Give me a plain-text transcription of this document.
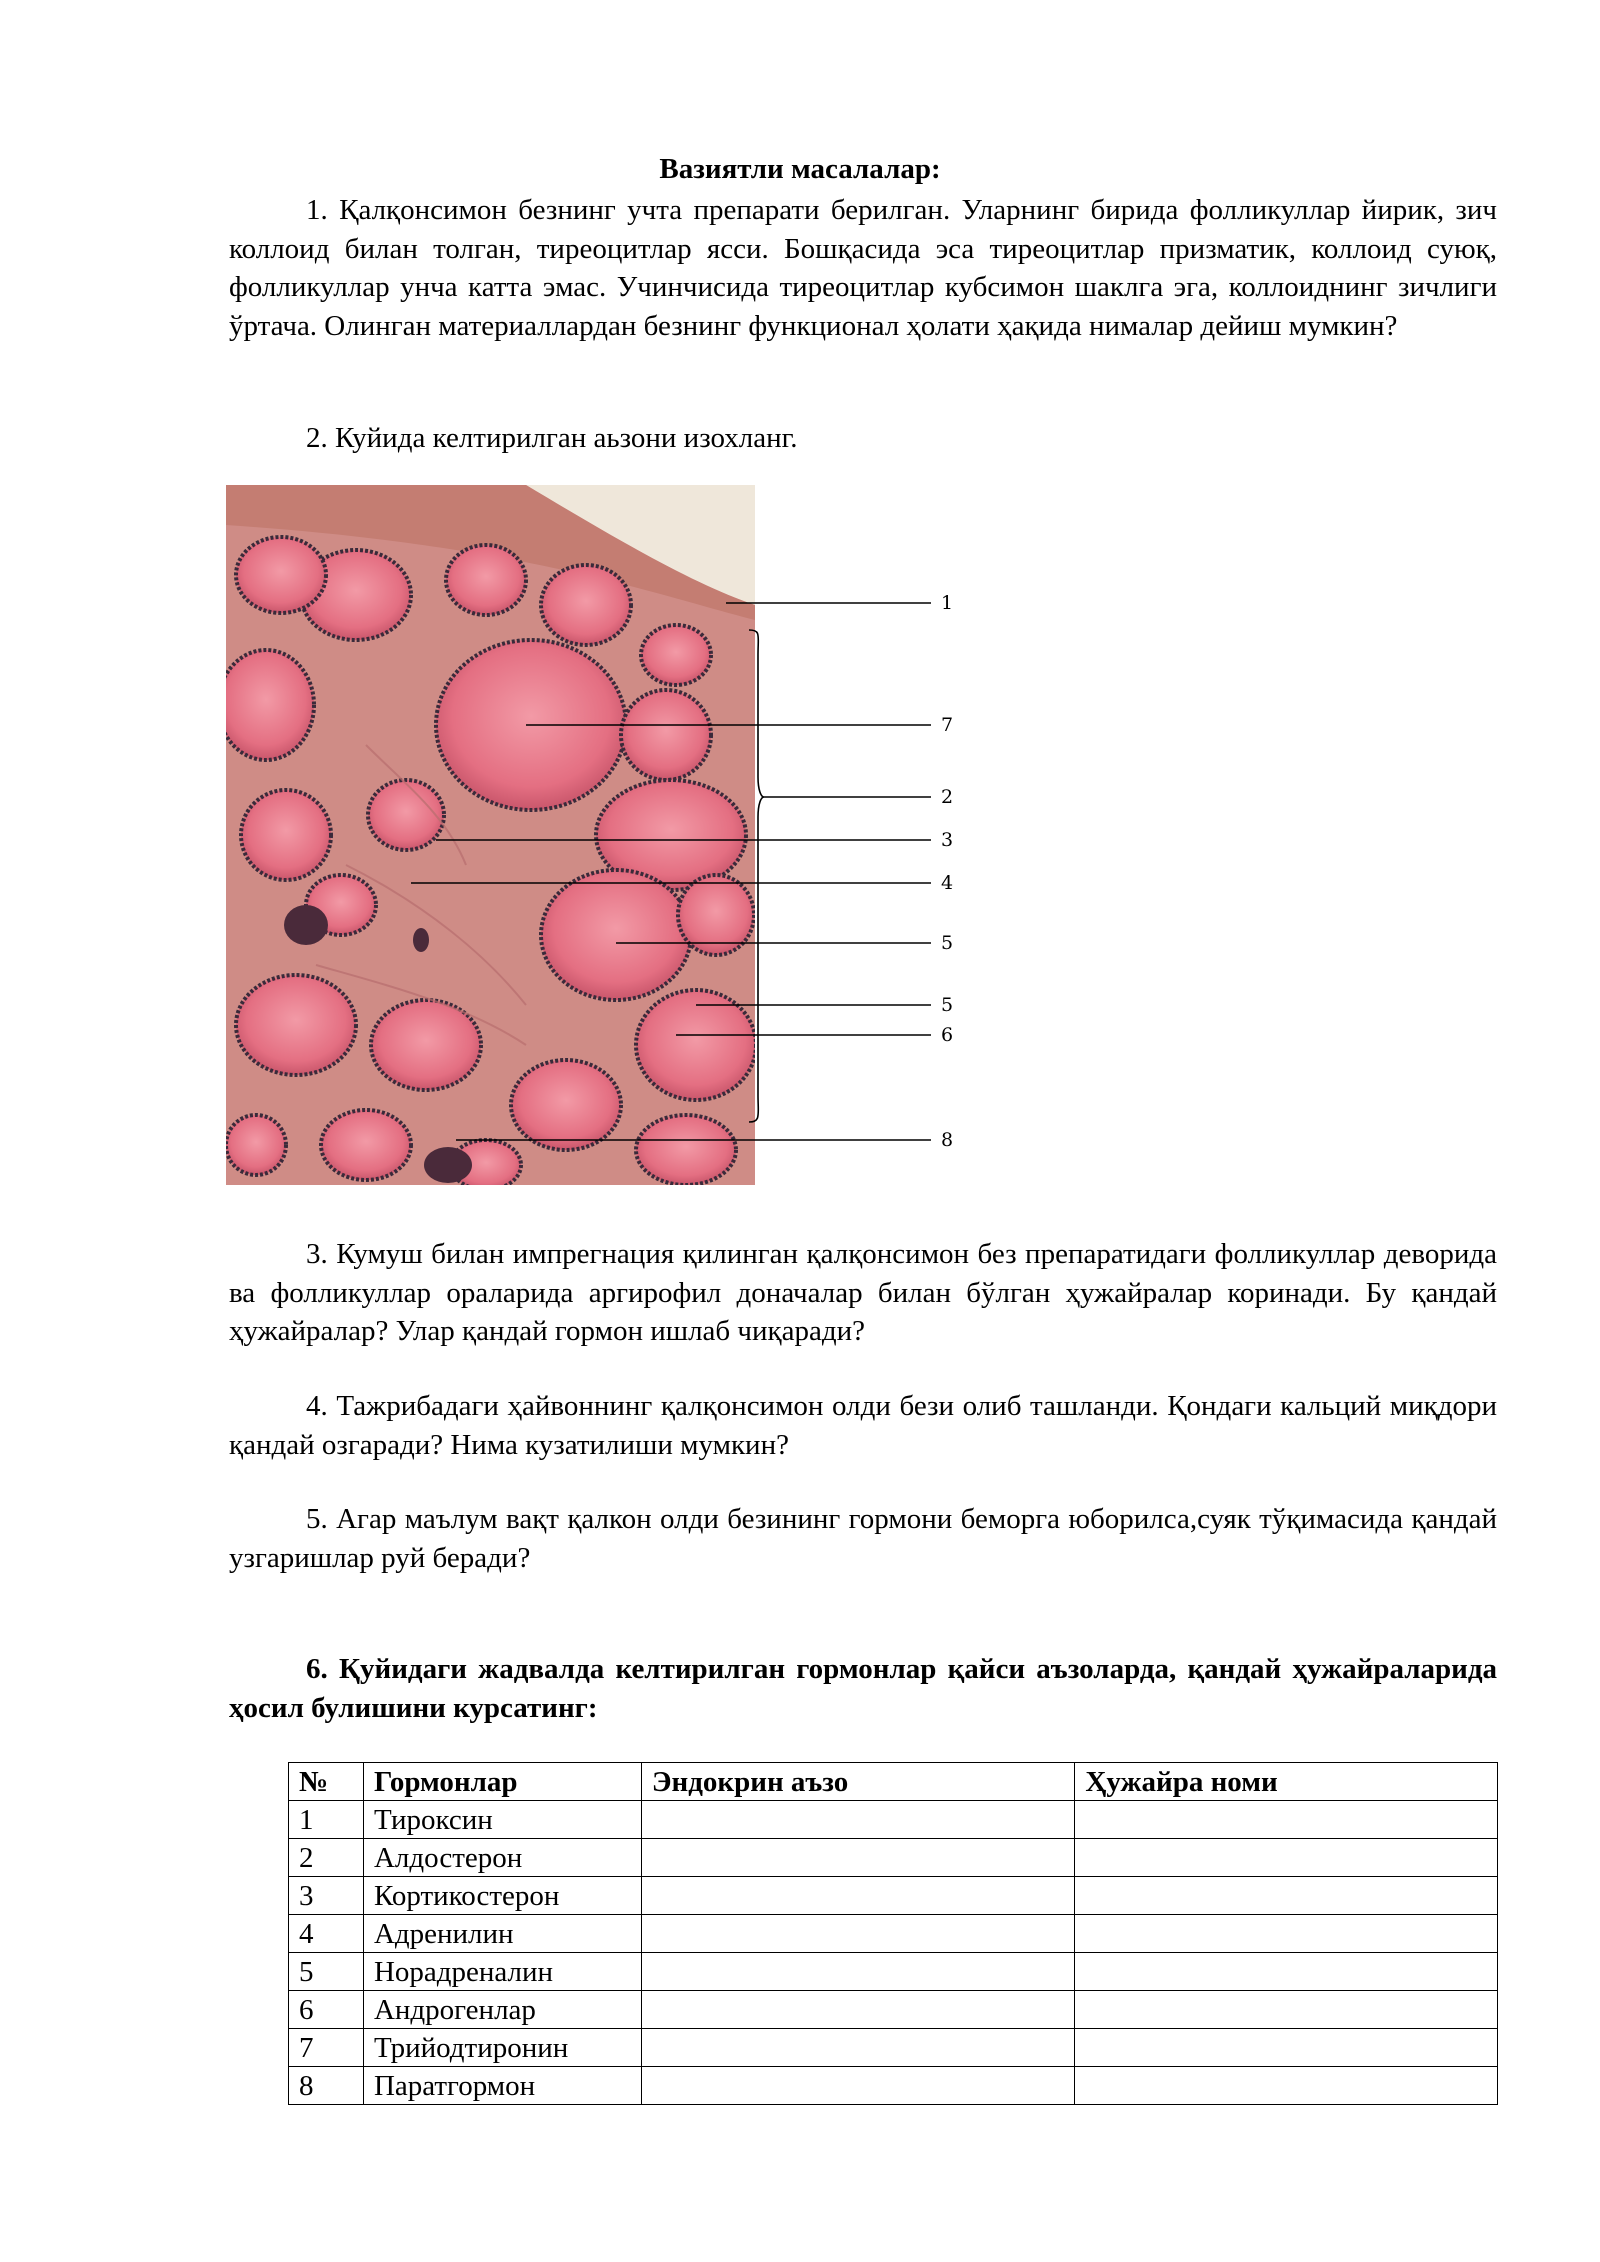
Вазиятли масалалар:

1. Қалқонсимон безнинг учта препарати берилган. Уларнинг бирида фолликуллар йирик, зич коллоид билан толган, тиреоцитлар ясси. Бошқасида эса тиреоцитлар призматик, коллоид суюқ, фолликуллар унча катта эмас. Учинчисида тиреоцитлар кубсимон шаклга эга, коллоиднинг зичлиги ўртача. Олинган материаллардан безнинг функционал ҳолати ҳақида нималар дейиш мумкин?

2. Куйида келтирилган аьзони изохланг.

1
7
2
3
4
5
5
6
8

3. Кумуш билан импрегнация қилинган қалқонсимон без препаратидаги фолликуллар деворида ва фолликуллар ораларида аргирофил доначалар билан бўлган ҳужайралар коринади. Бу қандай ҳужайралар? Улар қандай гормон ишлаб чиқаради?

4. Тажрибадаги ҳайвоннинг қалқонсимон олди бези олиб ташланди. Қондаги кальций миқдори қандай озгаради? Нима кузатилиши мумкин?

5. Агар маълум вақт қалкон олди безининг гормони беморга юборилса,суяк тўқимасида қандай узгаришлар руй беради?

6. Қуйидаги жадвалда келтирилган гормонлар қайси аъзоларда, қандай ҳужайраларида ҳосил булишини курсатинг:

№	Гормонлар	Эндокрин аъзо	Ҳужайра номи
1	Тироксин		
2	Алдостерон		
3	Кортикостерон		
4	Адренилин		
5	Норадреналин		
6	Андрогенлар		
7	Трийодтиронин		
8	Паратгормон		
